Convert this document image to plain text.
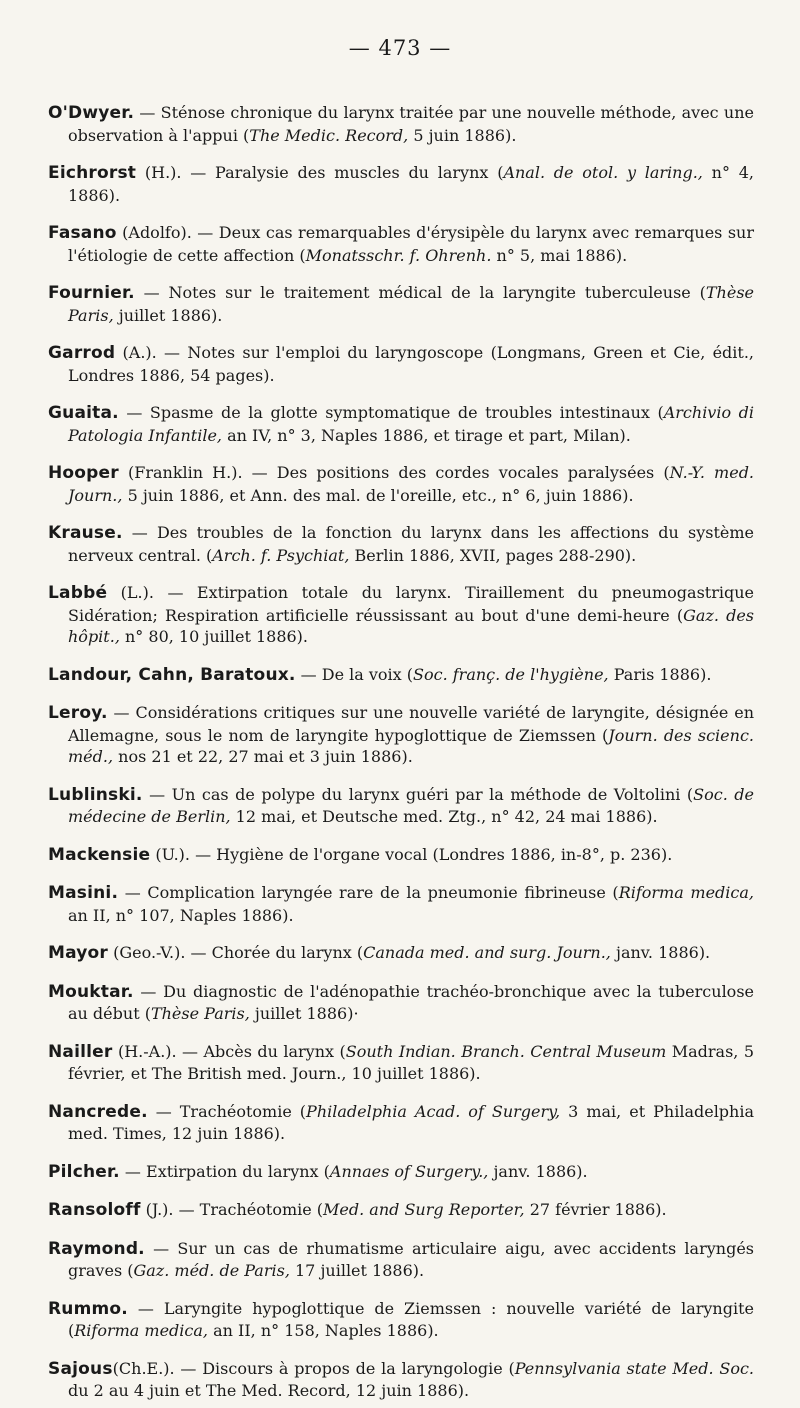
— 473 —

O'Dwyer. — Sténose chronique du larynx traitée par une nouvelle méthode, avec une observation à l'appui (The Medic. Record, 5 juin 1886).

Eichrorst (H.). — Paralysie des muscles du larynx (Anal. de otol. y laring., n° 4, 1886).

Fasano (Adolfo). — Deux cas remarquables d'érysipèle du larynx avec remarques sur l'étiologie de cette affection (Monatsschr. f. Ohrenh. n° 5, mai 1886).

Fournier. — Notes sur le traitement médical de la laryngite tuberculeuse (Thèse Paris, juillet 1886).

Garrod (A.). — Notes sur l'emploi du laryngoscope (Longmans, Green et Cie, édit., Londres 1886, 54 pages).

Guaita. — Spasme de la glotte symptomatique de troubles intestinaux (Archivio di Patologia Infantile, an IV, n° 3, Naples 1886, et tirage et part, Milan).

Hooper (Franklin H.). — Des positions des cordes vocales paralysées (N.-Y. med. Journ., 5 juin 1886, et Ann. des mal. de l'oreille, etc., n° 6, juin 1886).

Krause. — Des troubles de la fonction du larynx dans les affections du système nerveux central. (Arch. f. Psychiat, Berlin 1886, XVII, pages 288-290).

Labbé (L.). — Extirpation totale du larynx. Tiraillement du pneumogastrique Sidération; Respiration artificielle réussissant au bout d'une demi-heure (Gaz. des hôpit., n° 80, 10 juillet 1886).

Landour, Cahn, Baratoux. — De la voix (Soc. franç. de l'hygiène, Paris 1886).

Leroy. — Considérations critiques sur une nouvelle variété de laryngite, désignée en Allemagne, sous le nom de laryngite hypoglottique de Ziemssen (Journ. des scienc. méd., nos 21 et 22, 27 mai et 3 juin 1886).

Lublinski. — Un cas de polype du larynx guéri par la méthode de Voltolini (Soc. de médecine de Berlin, 12 mai, et Deutsche med. Ztg., n° 42, 24 mai 1886).

Mackensie (U.). — Hygiène de l'organe vocal (Londres 1886, in-8°, p. 236).

Masini. — Complication laryngée rare de la pneumonie fibrineuse (Riforma medica, an II, n° 107, Naples 1886).

Mayor (Geo.-V.). — Chorée du larynx (Canada med. and surg. Journ., janv. 1886).

Mouktar. — Du diagnostic de l'adénopathie trachéo-bronchique avec la tuberculose au début (Thèse Paris, juillet 1886)·

Nailler (H.-A.). — Abcès du larynx (South Indian. Branch. Central Museum Madras, 5 février, et The British med. Journ., 10 juillet 1886).

Nancrede. — Trachéotomie (Philadelphia Acad. of Surgery, 3 mai, et Philadelphia med. Times, 12 juin 1886).

Pilcher. — Extirpation du larynx (Annaes of Surgery., janv. 1886).

Ransoloff (J.). — Trachéotomie (Med. and Surg Reporter, 27 février 1886).

Raymond. — Sur un cas de rhumatisme articulaire aigu, avec accidents laryngés graves (Gaz. méd. de Paris, 17 juillet 1886).

Rummo. — Laryngite hypoglottique de Ziemssen : nouvelle variété de laryngite (Riforma medica, an II, n° 158, Naples 1886).

Sajous(Ch.E.). — Discours à propos de la laryngologie (Pennsylvania state Med. Soc. du 2 au 4 juin et The Med. Record, 12 juin 1886).
